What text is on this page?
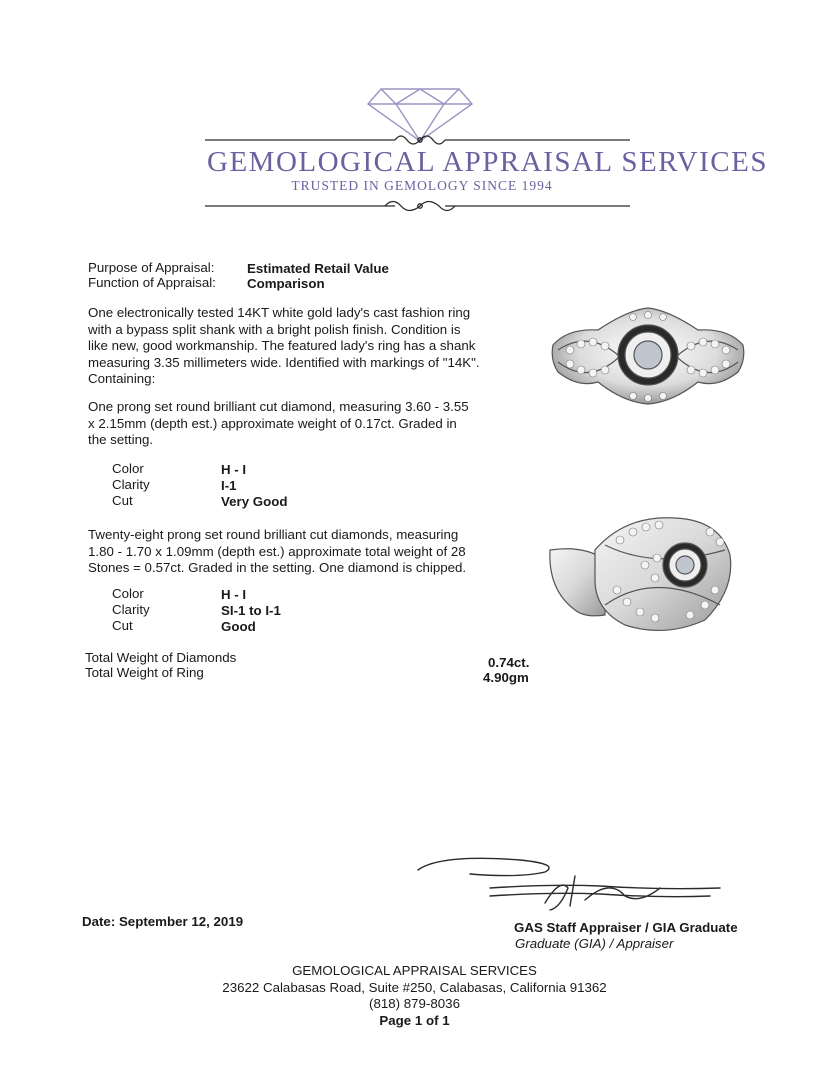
GEMOLOGICAL APPRAISAL SERVICES
TRUSTED IN GEMOLOGY SINCE 1994
Purpose of Appraisal: Estimated Retail Value
Function of Appraisal: Comparison
One electronically tested 14KT white gold lady's cast fashion ring
with a bypass split shank with a bright polish finish. Condition is
like new, good workmanship. The featured lady's ring has a shank
measuring 3.35 millimeters wide. Identified with markings of "14K".
Containing:
One prong set round brilliant cut diamond, measuring 3.60 - 3.55
x 2.15mm (depth est.) approximate weight of 0.17ct. Graded in
the setting.
Color	H - I
Clarity	I-1
Cut	Very Good
Twenty-eight prong set round brilliant cut diamonds, measuring
1.80 - 1.70 x 1.09mm (depth est.) approximate total weight of 28
Stones = 0.57ct. Graded in the setting. One diamond is chipped.
Color	H - I
Clarity	SI-1 to I-1
Cut	Good
Total Weight of Diamonds	0.74ct.
Total Weight of Ring	4.90gm
Date: September 12, 2019	GAS Staff Appraiser / GIA Graduate
Graduate (GIA) / Appraiser
GEMOLOGICAL APPRAISAL SERVICES
23622 Calabasas Road, Suite #250, Calabasas, California 91362
(818) 879-8036
Page 1 of 1
